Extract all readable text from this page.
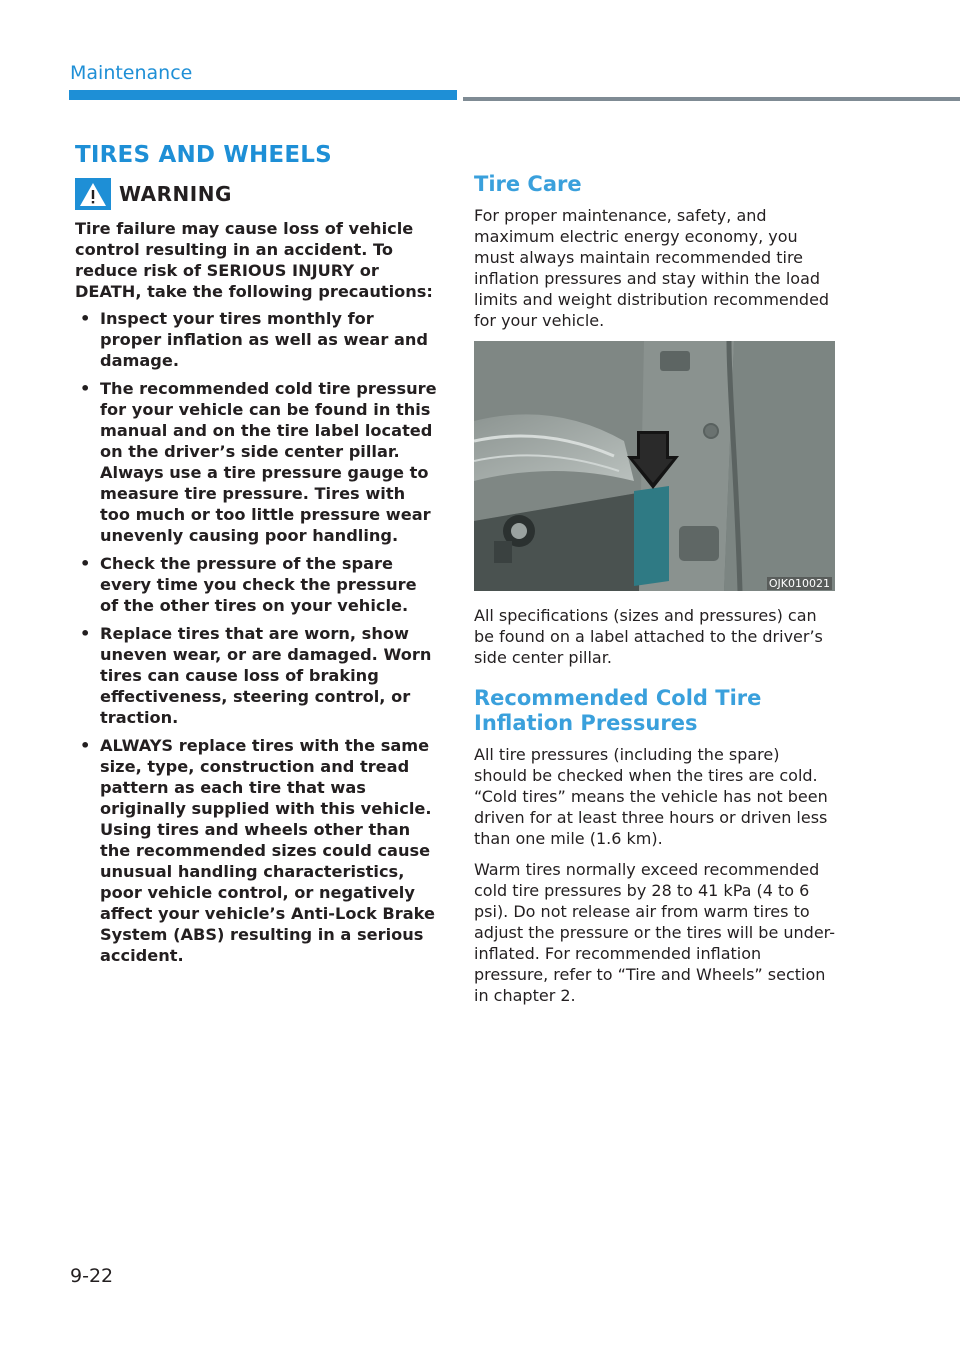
Maintenance
TIRES AND WHEELS
WARNING

Tire failure may cause loss of vehicle control resulting in an accident. To reduce risk of SERIOUS INJURY or DEATH, take the following precautions:

• Inspect your tires monthly for proper inflation as well as wear and damage.
• The recommended cold tire pressure for your vehicle can be found in this manual and on the tire label located on the driver’s side center pillar. Always use a tire pressure gauge to measure tire pressure. Tires with too much or too little pressure wear unevenly causing poor handling.
• Check the pressure of the spare every time you check the pressure of the other tires on your vehicle.
• Replace tires that are worn, show uneven wear, or are damaged. Worn tires can cause loss of braking effectiveness, steering control, or traction.
• ALWAYS replace tires with the same size, type, construction and tread pattern as each tire that was originally supplied with this vehicle. Using tires and wheels other than the recommended sizes could cause unusual handling characteristics, poor vehicle control, or negatively affect your vehicle’s Anti-Lock Brake System (ABS) resulting in a serious accident.
Tire Care

For proper maintenance, safety, and maximum electric energy economy, you must always maintain recommended tire inflation pressures and stay within the load limits and weight distribution recommended for your vehicle.

OJK010021

All specifications (sizes and pressures) can be found on a label attached to the driver’s side center pillar.

Recommended Cold Tire Inflation Pressures

All tire pressures (including the spare) should be checked when the tires are cold. “Cold tires” means the vehicle has not been driven for at least three hours or driven less than one mile (1.6 km).

Warm tires normally exceed recommended cold tire pressures by 28 to 41 kPa (4 to 6 psi). Do not release air from warm tires to adjust the pressure or the tires will be under-inflated. For recommended inflation pressure, refer to “Tire and Wheels” section in chapter 2.

9-22
